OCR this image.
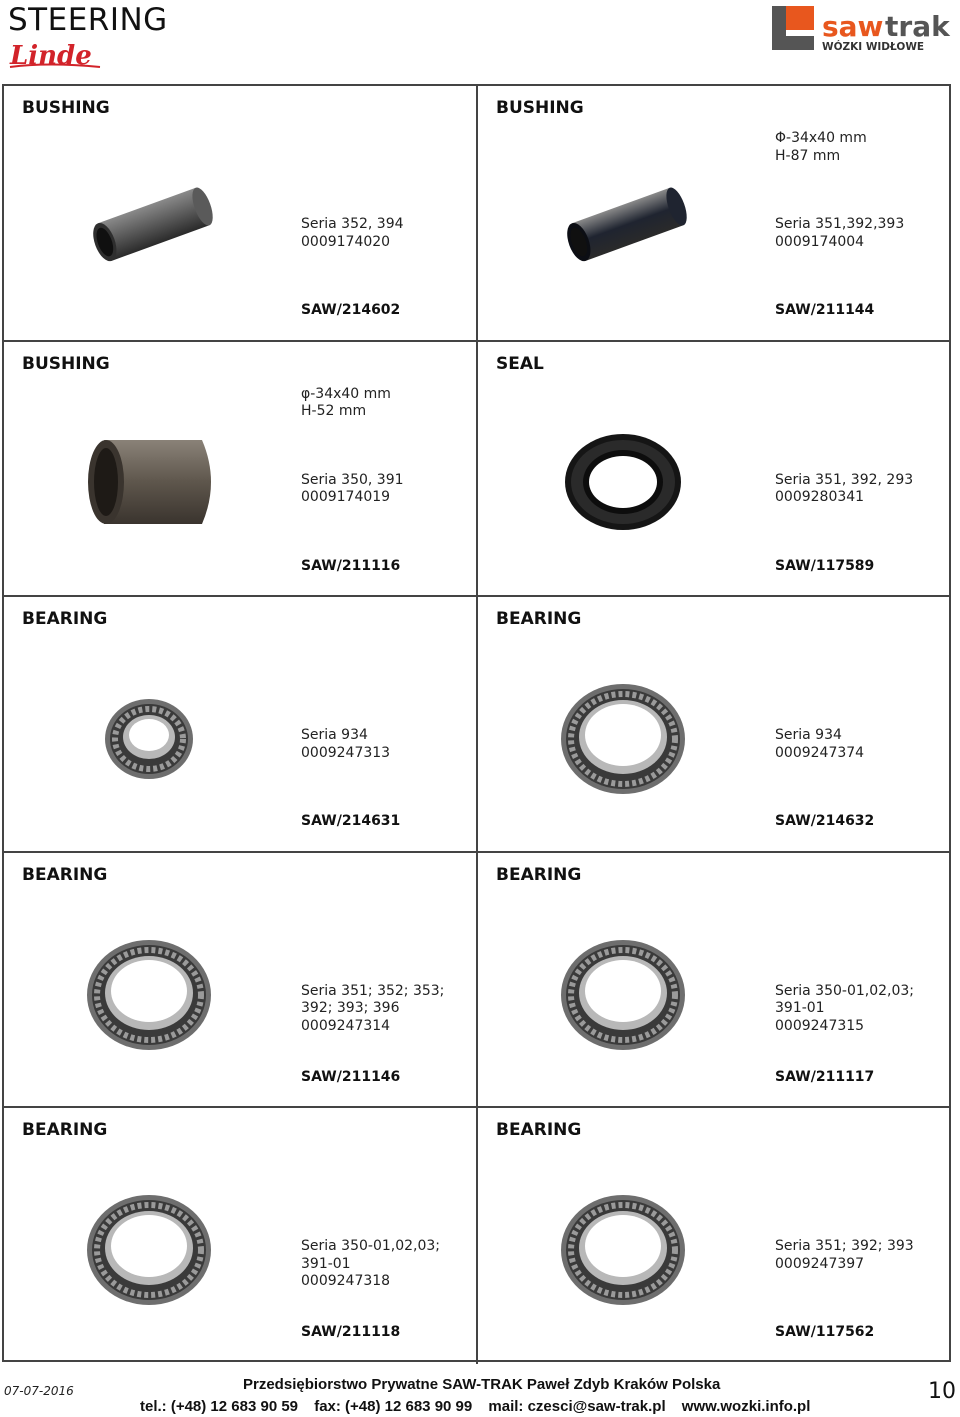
STEERING
Linde
saw trak
WÓZKI WIDŁOWE
BUSHING
Seria 352, 394
0009174020
SAW/214602
BUSHING
Φ-34x40 mm
H-87 mm
Seria 351,392,393
0009174004
SAW/211144
BUSHING
φ-34x40 mm
H-52 mm
Seria 350, 391
0009174019
SAW/211116
SEAL
Seria 351, 392, 293
0009280341
SAW/117589
BEARING
Seria 934
0009247313
SAW/214631
BEARING
Seria 934
0009247374
SAW/214632
BEARING
Seria 351; 352; 353;
392; 393; 396
0009247314
SAW/211146
BEARING
Seria 350-01,02,03;
391-01
0009247315
SAW/211117
BEARING
Seria 350-01,02,03;
391-01
0009247318
SAW/211118
BEARING
Seria 351; 392; 393
0009247397
SAW/117562
07-07-2016	Przedsiębiorstwo Prywatne SAW-TRAK Paweł Zdyb Kraków Polska
tel.: (+48) 12 683 90 59 fax: (+48) 12 683 90 99 mail: czesci@saw-trak.pl www.wozki.info.pl
10
